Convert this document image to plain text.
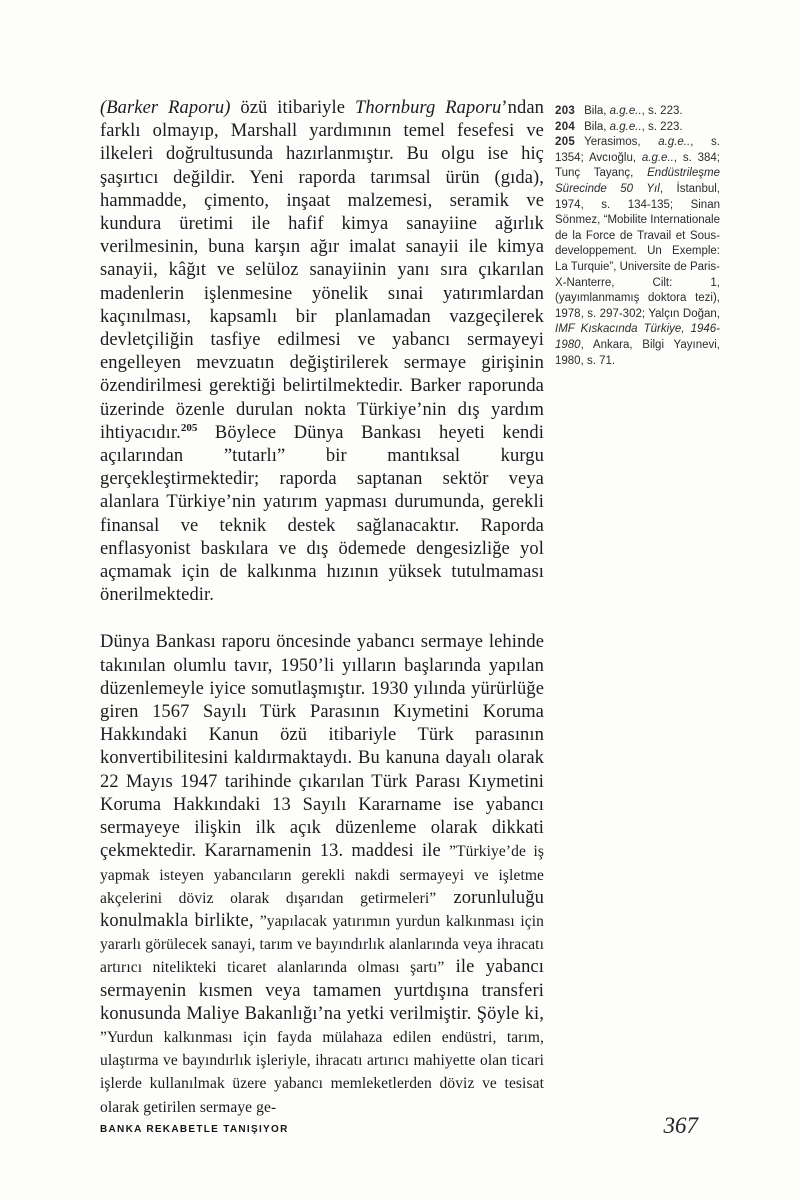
(Barker Raporu) özü itibariyle Thornburg Raporu’ndan farklı olmayıp, Marshall yardımının temel fesefesi ve ilkeleri doğrultusunda hazırlanmıştır. Bu olgu ise hiç şaşırtıcı değildir. Yeni raporda tarımsal ürün (gıda), hammadde, çimento, inşaat malzemesi, seramik ve kundura üretimi ile hafif kimya sanayiine ağırlık verilmesinin, buna karşın ağır imalat sanayii ile kimya sanayii, kâğıt ve selüloz sanayiinin yanı sıra çıkarılan madenlerin işlenmesine yönelik sınai yatırımlardan kaçınılması, kapsamlı bir planlamadan vazgeçilerek devletçiliğin tasfiye edilmesi ve yabancı sermayeyi engelleyen mevzuatın değiştirilerek sermaye girişinin özendirilmesi gerektiği belirtilmektedir. Barker raporunda üzerinde özenle durulan nokta Türkiye’nin dış yardım ihtiyacıdır.$^{205}$ Böylece Dünya Bankası heyeti kendi açılarından ”tutarlı” bir mantıksal kurgu gerçekleştirmektedir; raporda saptanan sektör veya alanlara Türkiye’nin yatırım yapması durumunda, gerekli finansal ve teknik destek sağlanacaktır. Raporda enflasyonist baskılara ve dış ödemede dengesizliğe yol açmamak için de kalkınma hızının yüksek tutulmaması önerilmektedir.

Dünya Bankası raporu öncesinde yabancı sermaye lehinde takınılan olumlu tavır, 1950’li yılların başlarında yapılan düzenlemeyle iyice somutlaşmıştır. 1930 yılında yürürlüğe giren 1567 Sayılı Türk Parasının Kıymetini Koruma Hakkındaki Kanun özü itibariyle Türk parasının konvertibilitesini kaldırmaktaydı. Bu kanuna dayalı olarak 22 Mayıs 1947 tarihinde çıkarılan Türk Parası Kıymetini Koruma Hakkındaki 13 Sayılı Kararname ise yabancı sermayeye ilişkin ilk açık düzenleme olarak dikkati çekmektedir. Kararnamenin 13. maddesi ile ”Türkiye’de iş yapmak isteyen yabancıların gerekli nakdi sermayeyi ve işletme akçelerini döviz olarak dışarıdan getirmeleri” zorunluluğu konulmakla birlikte, ”yapılacak yatırımın yurdun kalkınması için yararlı görülecek sanayi, tarım ve bayındırlık alanlarında veya ihracatı artırıcı nitelikteki ticaret alanlarında olması şartı” ile yabancı sermayenin kısmen veya tamamen yurtdışına transferi konusunda Maliye Bakanlığı’na yetki verilmiştir. Şöyle ki, ”Yurdun kalkınması için fayda mülahaza edilen endüstri, tarım, ulaştırma ve bayındırlık işleriyle, ihracatı artırıcı mahiyette olan ticari işlerde kullanılmak üzere yabancı memleketlerden döviz ve tesisat olarak getirilen sermaye ge-

203 Bila, a.g.e.., s. 223.

204 Bila, a.g.e.., s. 223.

205 Yerasimos, a.g.e.., s. 1354; Avcıoğlu, a.g.e.., s. 384; Tunç Tayanç, Endüstrileşme Sürecinde 50 Yıl, İstanbul, 1974, s. 134-135; Sinan Sönmez, “Mobilite Internationale de la Force de Travail et Sous-developpement. Un Exemple: La Turquie”, Universite de Paris-X-Nanterre, Cilt: 1, (yayımlanmamış doktora tezi), 1978, s. 297-302; Yalçın Doğan, IMF Kıskacında Türkiye, 1946-1980, Ankara, Bilgi Yayınevi, 1980, s. 71.

BANKA REKABETLE TANIŞIYOR	367
